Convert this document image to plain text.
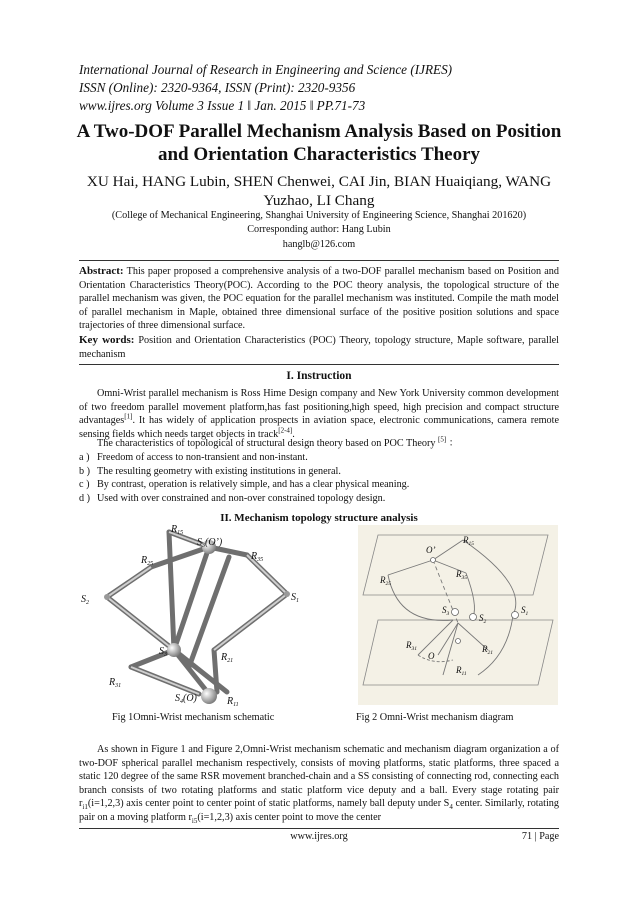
International Journal of Research in Engineering and Science (IJRES)
ISSN (Online): 2320-9364, ISSN (Print): 2320-9356
www.ijres.org Volume 3 Issue 1 ǁ Jan. 2015 ǁ PP.71-73
A Two-DOF Parallel Mechanism Analysis Based on Position and Orientation Characteristics Theory
XU Hai, HANG Lubin, SHEN Chenwei, CAI Jin, BIAN Huaiqiang, WANG Yuzhao, LI Chang
(College of Mechanical Engineering, Shanghai University of Engineering Science, Shanghai 201620)
Corresponding author: Hang Lubin
hanglb@126.com
Abstract: This paper proposed a comprehensive analysis of a two-DOF parallel mechanism based on Position and Orientation Characteristics Theory(POC). According to the POC theory analysis, the topological structure of the parallel mechanism was given, the POC equation for the parallel mechanism was instituted. Compile the math model of parallel mechanism in Maple, obtained three dimensional surface of the positive position solutions and space trajectories of three dimensional surface.
Key words: Position and Orientation Characteristics (POC) Theory, topology structure, Maple software, parallel mechanism
I. Instruction
Omni-Wrist parallel mechanism is Ross Hime Design company and New York University common development of two freedom parallel movement platform,has fast positioning,high speed, high precision and compact structure advantages[1]. It has widely of application prospects in aviation space, electronic communications, camera remote sensing fields which needs target objects in track[2-4].
The characteristics of topological of structural design theory based on POC Theory [5] ：
a ) Freedom of access to non-transient and non-instant.
b ) The resulting geometry with existing institutions in general.
c ) By contrast, operation is relatively simple, and has a clear physical meaning.
d ) Used with over constrained and non-over constrained topology design.
II. Mechanism topology structure analysis
$R_{15}$
$S_3(O’)$
$R_{25}$
$R_{35}$
$S_2$	$S_1$
$S_3$	$R_{21}$
$R_{31}$
$S_4(O)$	$R_{11}$
O’
$R_{15}$
$R_{25}$
$R_{35}$
$S_3$	$S_2$
$S_1$
$R_{31}$
O
$R_{21}$
$R_{11}$
Fig 1Omni-Wrist mechanism schematic	Fig 2 Omni-Wrist mechanism diagram
As shown in Figure 1 and Figure 2,Omni-Wrist mechanism schematic and mechanism diagram organization a of two-DOF spherical parallel mechanism respectively, consists of moving platforms, static platforms, three spaced a static 120 degree of the same RSR movement branched-chain and a SS consisting of connecting rod, connecting each branch consists of two rotating platforms and static platform vice deputy and a ball. Every stage rotating pair $r_{i1}(i=1,2,3)$ axis center point to center point of static platforms, namely ball deputy under $S_4$ center. Similarly, rotating pair on a moving platform $r_{i5}(i=1,2,3)$ axis center point to move the center
www.ijres.org	71 | Page
